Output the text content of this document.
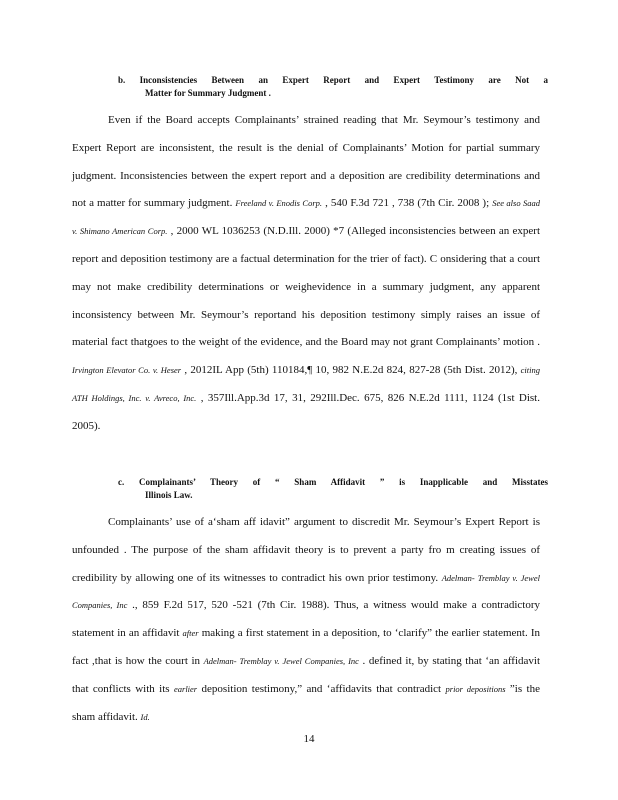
b. Inconsistencies Between an Expert Report and Expert Testimony are Not a
Matter for Summary Judgment .

Even if the Board accepts Complainants’ strained reading that Mr. Seymour’s testimony and Expert Report are inconsistent, the result is the denial of Complainants’ Motion for partial summary judgment. Inconsistencies between the expert report and a deposition are credibility determinations and not a matter for summary judgment. Freeland v. Enodis Corp. , 540 F.3d 721 , 738 (7th Cir. 2008 ); See also Saad v. Shimano American Corp. , 2000 WL 1036253 (N.D.Ill. 2000) *7 (Alleged inconsistencies between an expert report and deposition testimony are a factual determination for the trier of fact). C onsidering that a court may not make credibility determinations or weighevidence in a summary judgment, any apparent inconsistency between Mr. Seymour’s reportand his deposition testimony simply raises an issue of material fact thatgoes to the weight of the evidence, and the Board may not grant Complainants’ motion . Irvington Elevator Co. v. Heser , 2012IL App (5th) 110184,¶ 10, 982 N.E.2d 824, 827-28 (5th Dist. 2012), citing ATH Holdings, Inc. v. Avreco, Inc. , 357Ill.App.3d 17, 31, 292Ill.Dec. 675, 826 N.E.2d 1111, 1124 (1st Dist. 2005).

c. Complainants’ Theory of “ Sham Affidavit ” is Inapplicable and Misstates
Illinois Law.

Complainants’ use of a‘sham aff idavit” argument to discredit Mr. Seymour’s Expert Report is unfounded . The purpose of the sham affidavit theory is to prevent a party fro m creating issues of credibility by allowing one of its witnesses to contradict his own prior testimony. Adelman- Tremblay v. Jewel Companies, Inc ., 859 F.2d 517, 520 -521 (7th Cir. 1988). Thus, a witness would make a contradictory statement in an affidavit after making a first statement in a deposition, to ‘clarify” the earlier statement. In fact ,that is how the court in Adelman- Tremblay v. Jewel Companies, Inc . defined it, by stating that ‘an affidavit that conflicts with its earlier deposition testimony,” and ‘affidavits that contradict prior depositions ”is the sham affidavit. Id.

14
